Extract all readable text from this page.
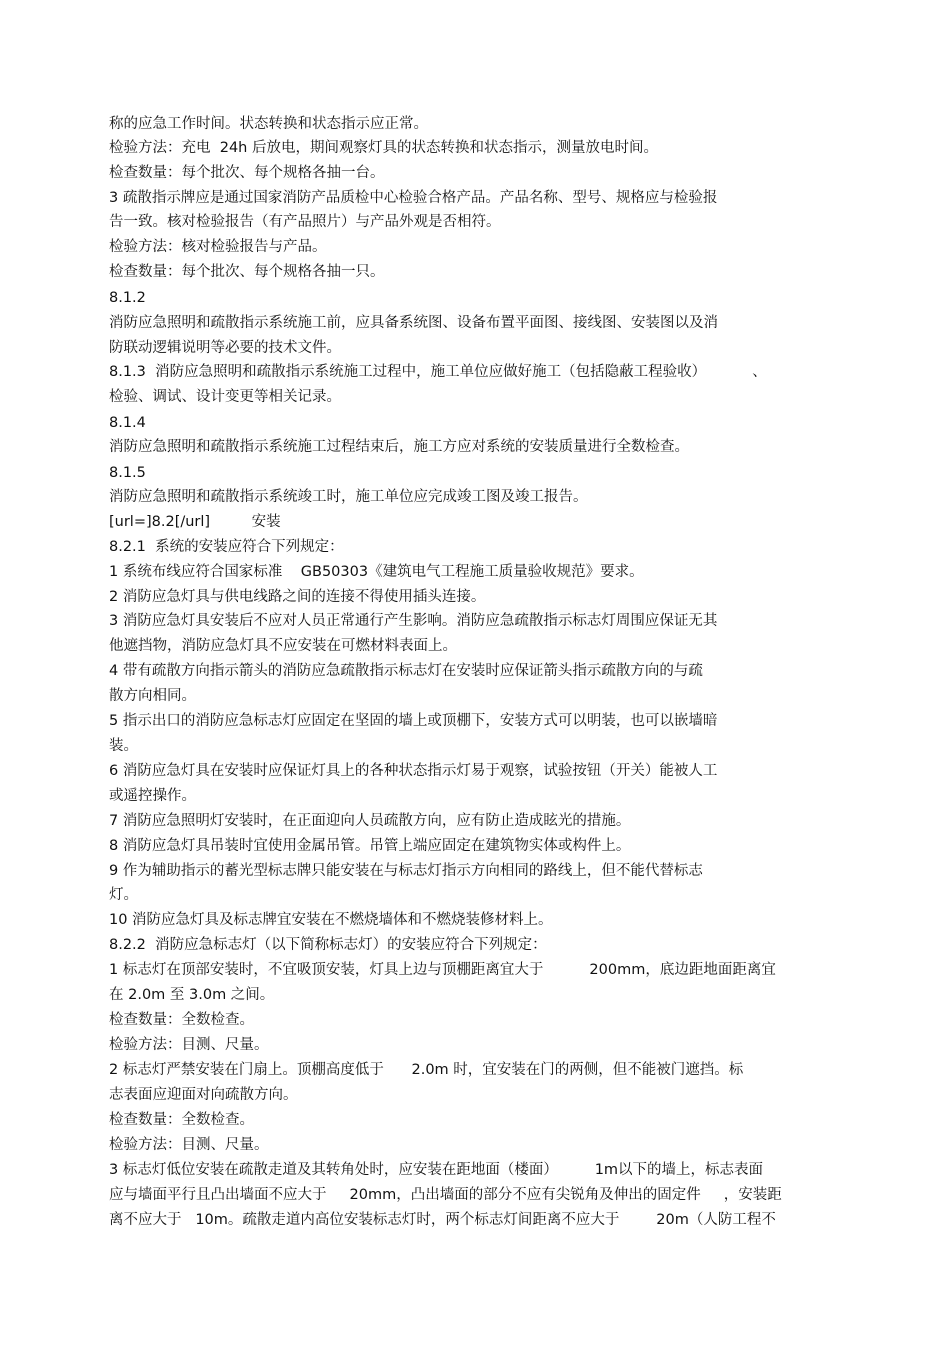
称的应急工作时间。状态转换和状态指示应正常。
检验方法：充电  24h 后放电，期间观察灯具的状态转换和状态指示，测量放电时间。
检查数量：每个批次、每个规格各抽一台。
3 疏散指示牌应是通过国家消防产品质检中心检验合格产品。产品名称、型号、规格应与检验报
告一致。核对检验报告（有产品照片）与产品外观是否相符。
检验方法：核对检验报告与产品。
检查数量：每个批次、每个规格各抽一只。
8.1.2
消防应急照明和疏散指示系统施工前，应具备系统图、设备布置平面图、接线图、安装图以及消
防联动逻辑说明等必要的技术文件。
8.1.3  消防应急照明和疏散指示系统施工过程中，施工单位应做好施工（包括隐蔽工程验收）          、
检验、调试、设计变更等相关记录。
8.1.4
消防应急照明和疏散指示系统施工过程结束后，施工方应对系统的安装质量进行全数检查。
8.1.5
消防应急照明和疏散指示系统竣工时，施工单位应完成竣工图及竣工报告。
[url=]8.2[/url]         安装
8.2.1  系统的安装应符合下列规定：
1 系统布线应符合国家标准    GB50303《建筑电气工程施工质量验收规范》要求。
2 消防应急灯具与供电线路之间的连接不得使用插头连接。
3 消防应急灯具安装后不应对人员正常通行产生影响。消防应急疏散指示标志灯周围应保证无其
他遮挡物，消防应急灯具不应安装在可燃材料表面上。
4 带有疏散方向指示箭头的消防应急疏散指示标志灯在安装时应保证箭头指示疏散方向的与疏
散方向相同。
5 指示出口的消防应急标志灯应固定在坚固的墙上或顶棚下，安装方式可以明装，也可以嵌墙暗
装。
6 消防应急灯具在安装时应保证灯具上的各种状态指示灯易于观察，试验按钮（开关）能被人工
或遥控操作。
7 消防应急照明灯安装时，在正面迎向人员疏散方向，应有防止造成眩光的措施。
8 消防应急灯具吊装时宜使用金属吊管。吊管上端应固定在建筑物实体或构件上。
9 作为辅助指示的蓄光型标志牌只能安装在与标志灯指示方向相同的路线上，但不能代替标志
灯。
10 消防应急灯具及标志牌宜安装在不燃烧墙体和不燃烧装修材料上。
8.2.2  消防应急标志灯（以下简称标志灯）的安装应符合下列规定：
1 标志灯在顶部安装时，不宜吸顶安装，灯具上边与顶棚距离宜大于          200mm，底边距地面距离宜
在 2.0m 至 3.0m 之间。
检查数量：全数检查。
检验方法：目测、尺量。
2 标志灯严禁安装在门扇上。顶棚高度低于      2.0m 时，宜安装在门的两侧，但不能被门遮挡。标
志表面应迎面对向疏散方向。
检查数量：全数检查。
检验方法：目测、尺量。
3 标志灯低位安装在疏散走道及其转角处时，应安装在距地面（楼面）        1m以下的墙上，标志表面
应与墙面平行且凸出墙面不应大于     20mm，凸出墙面的部分不应有尖锐角及伸出的固定件     ，安装距
离不应大于   10m。疏散走道内高位安装标志灯时，两个标志灯间距离不应大于        20m（人防工程不
